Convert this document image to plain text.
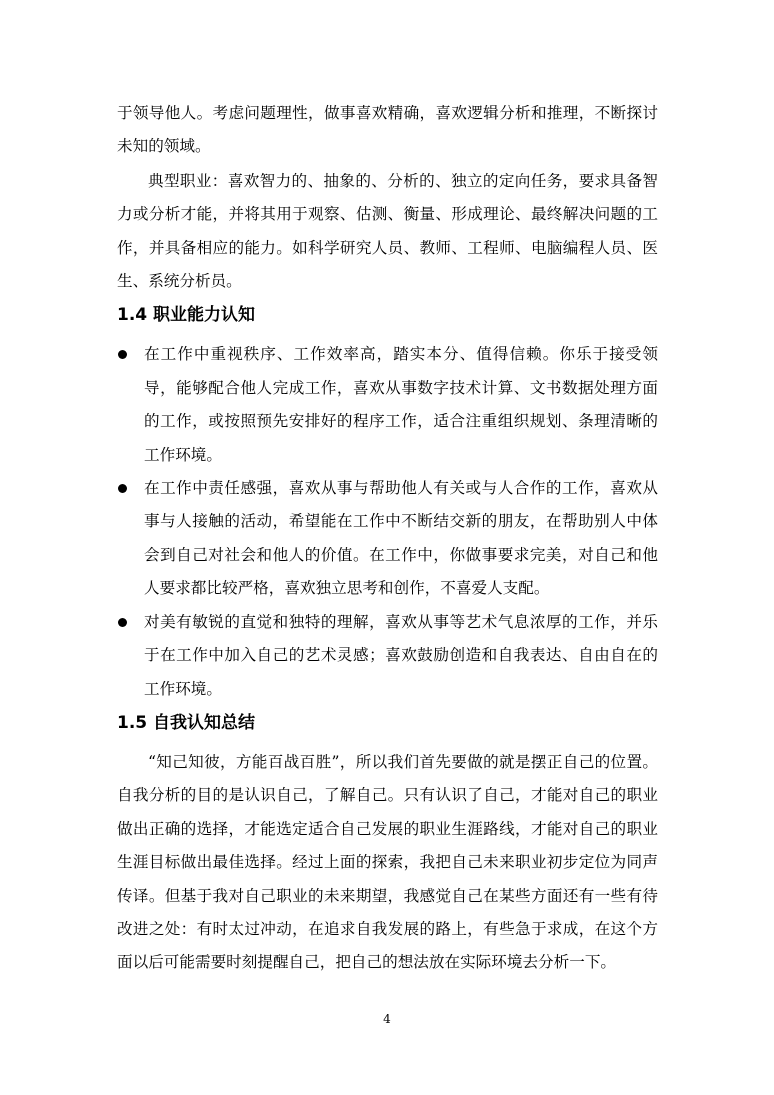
于领导他人。考虑问题理性，做事喜欢精确，喜欢逻辑分析和推理，不断探讨未知的领域。

典型职业：喜欢智力的、抽象的、分析的、独立的定向任务，要求具备智力或分析才能，并将其用于观察、估测、衡量、形成理论、最终解决问题的工作，并具备相应的能力。如科学研究人员、教师、工程师、电脑编程人员、医生、系统分析员。

1.4 职业能力认知
在工作中重视秩序、工作效率高，踏实本分、值得信赖。你乐于接受领导，能够配合他人完成工作，喜欢从事数字技术计算、文书数据处理方面的工作，或按照预先安排好的程序工作，适合注重组织规划、条理清晰的工作环境。
在工作中责任感强，喜欢从事与帮助他人有关或与人合作的工作，喜欢从事与人接触的活动，希望能在工作中不断结交新的朋友，在帮助别人中体会到自己对社会和他人的价值。在工作中，你做事要求完美，对自己和他人要求都比较严格，喜欢独立思考和创作，不喜爱人支配。
对美有敏锐的直觉和独特的理解，喜欢从事等艺术气息浓厚的工作，并乐于在工作中加入自己的艺术灵感；喜欢鼓励创造和自我表达、自由自在的工作环境。
1.5 自我认知总结

“知己知彼，方能百战百胜”，所以我们首先要做的就是摆正自己的位置。自我分析的目的是认识自己，了解自己。只有认识了自己，才能对自己的职业做出正确的选择，才能选定适合自己发展的职业生涯路线，才能对自己的职业生涯目标做出最佳选择。经过上面的探索，我把自己未来职业初步定位为同声传译。但基于我对自己职业的未来期望，我感觉自己在某些方面还有一些有待改进之处：有时太过冲动，在追求自我发展的路上，有些急于求成，在这个方面以后可能需要时刻提醒自己，把自己的想法放在实际环境去分析一下。

4
